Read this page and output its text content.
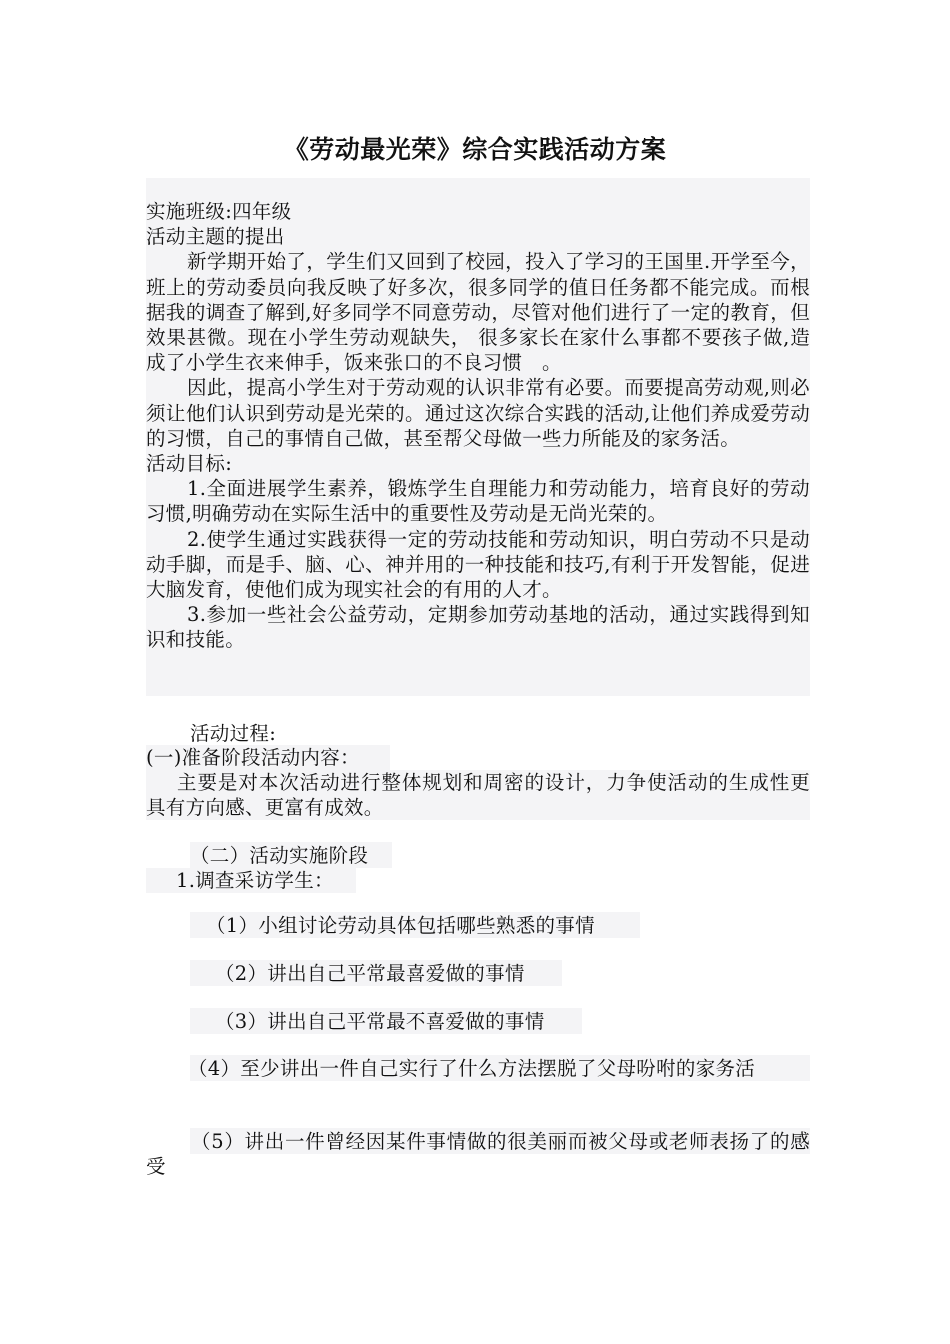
《劳动最光荣》综合实践活动方案

实施班级:四年级

活动主题的提出

新学期开始了，学生们又回到了校园，投入了学习的王国里.开学至今，班上的劳动委员向我反映了好多次，很多同学的值日任务都不能完成。而根据我的调查了解到,好多同学不同意劳动，尽管对他们进行了一定的教育，但效果甚微。现在小学生劳动观缺失， 很多家长在家什么事都不要孩子做,造成了小学生衣来伸手，饭来张口的不良习惯　。

因此，提高小学生对于劳动观的认识非常有必要。而要提高劳动观,则必须让他们认识到劳动是光荣的。通过这次综合实践的活动,让他们养成爱劳动的习惯，自己的事情自己做，甚至帮父母做一些力所能及的家务活。

活动目标:

1.全面进展学生素养，锻炼学生自理能力和劳动能力，培育良好的劳动习惯,明确劳动在实际生活中的重要性及劳动是无尚光荣的。

2.使学生通过实践获得一定的劳动技能和劳动知识，明白劳动不只是动动手脚，而是手、脑、心、神并用的一种技能和技巧,有利于开发智能，促进大脑发育，使他们成为现实社会的有用的人才。

3.参加一些社会公益劳动，定期参加劳动基地的活动，通过实践得到知识和技能。

活动过程:
(一)准备阶段活动内容：

主要是对本次活动进行整体规划和周密的设计，力争使活动的生成性更具有方向感、更富有成效。

（二）活动实施阶段
1.调查采访学生：
（1）小组讨论劳动具体包括哪些熟悉的事情
（2）讲出自己平常最喜爱做的事情
（3）讲出自己平常最不喜爱做的事情

（4）至少讲出一件自己实行了什么方法摆脱了父母吩咐的家务活

（5）讲出一件曾经因某件事情做的很美丽而被父母或老师表扬了的感受
